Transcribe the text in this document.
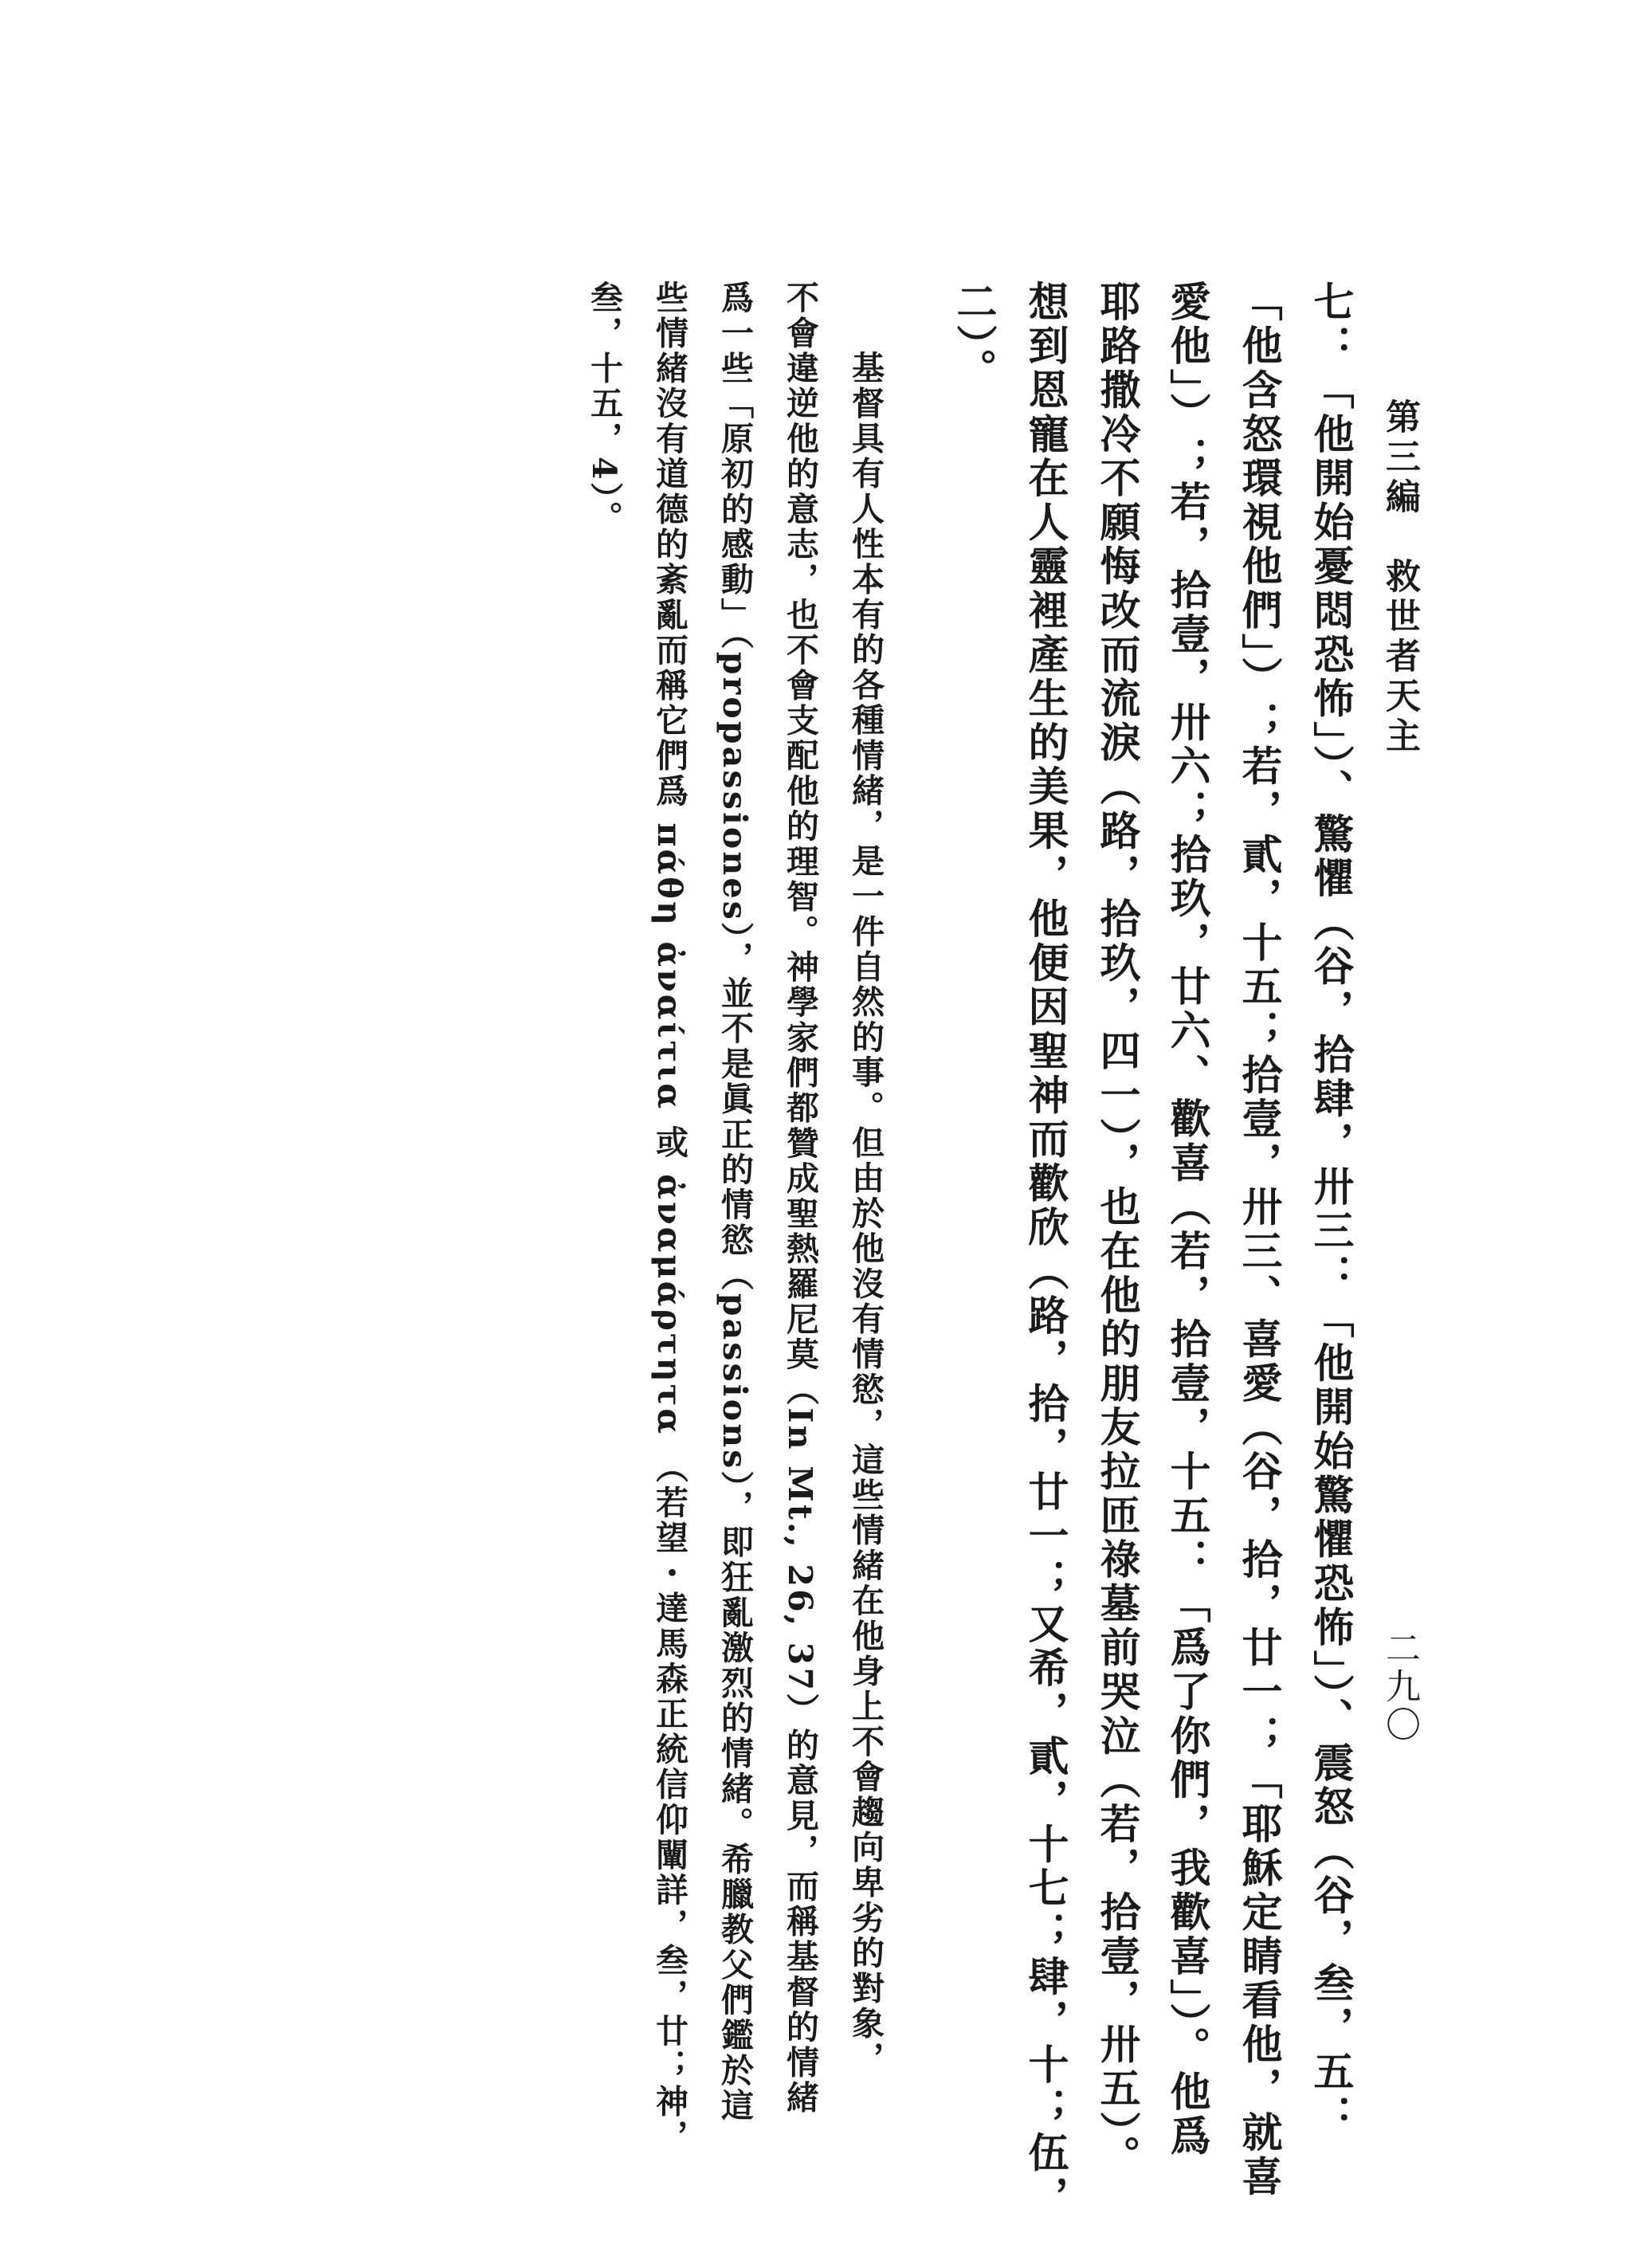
第三編　救世者天主
二九〇
七：「他開始憂悶恐怖」）、驚懼（谷，拾肆，卅三：「他開始驚懼恐怖」）、震怒（谷，叁，五：
「他含怒環視他們」）；若，貳，十五；拾壹，卅三、喜愛（谷，拾，廿一；「耶穌定睛看他，就喜
愛他」）；若，拾壹，卅六；拾玖，廿六、歡喜（若，拾壹，十五：「爲了你們，我歡喜」）。他爲
耶路撒冷不願悔改而流淚（路，拾玖，四一），也在他的朋友拉匝祿墓前哭泣（若，拾壹，卅五）。
想到恩寵在人靈裡產生的美果，他便因聖神而歡欣（路，拾，廿一；又希，貳，十七；肆，十；伍，
二）。
基督具有人性本有的各種情緒，是一件自然的事。但由於他沒有情慾，這些情緒在他身上不會趨向卑劣的對象，
不會違逆他的意志，也不會支配他的理智。神學家們都贊成聖熱羅尼莫（In Mt., 26, 37）的意見，而稱基督的情緒
爲一些「原初的感動」（propassiones），並不是眞正的情慾（passions），即狂亂激烈的情緒。希臘教父們鑑於這
些情緒沒有道德的紊亂而稱它們爲 πάθη ἀναίτια 或 ἀναμάρτητα （若望・達馬森正統信仰闡詳，叁，廿；神，
叁，十五，4）。
